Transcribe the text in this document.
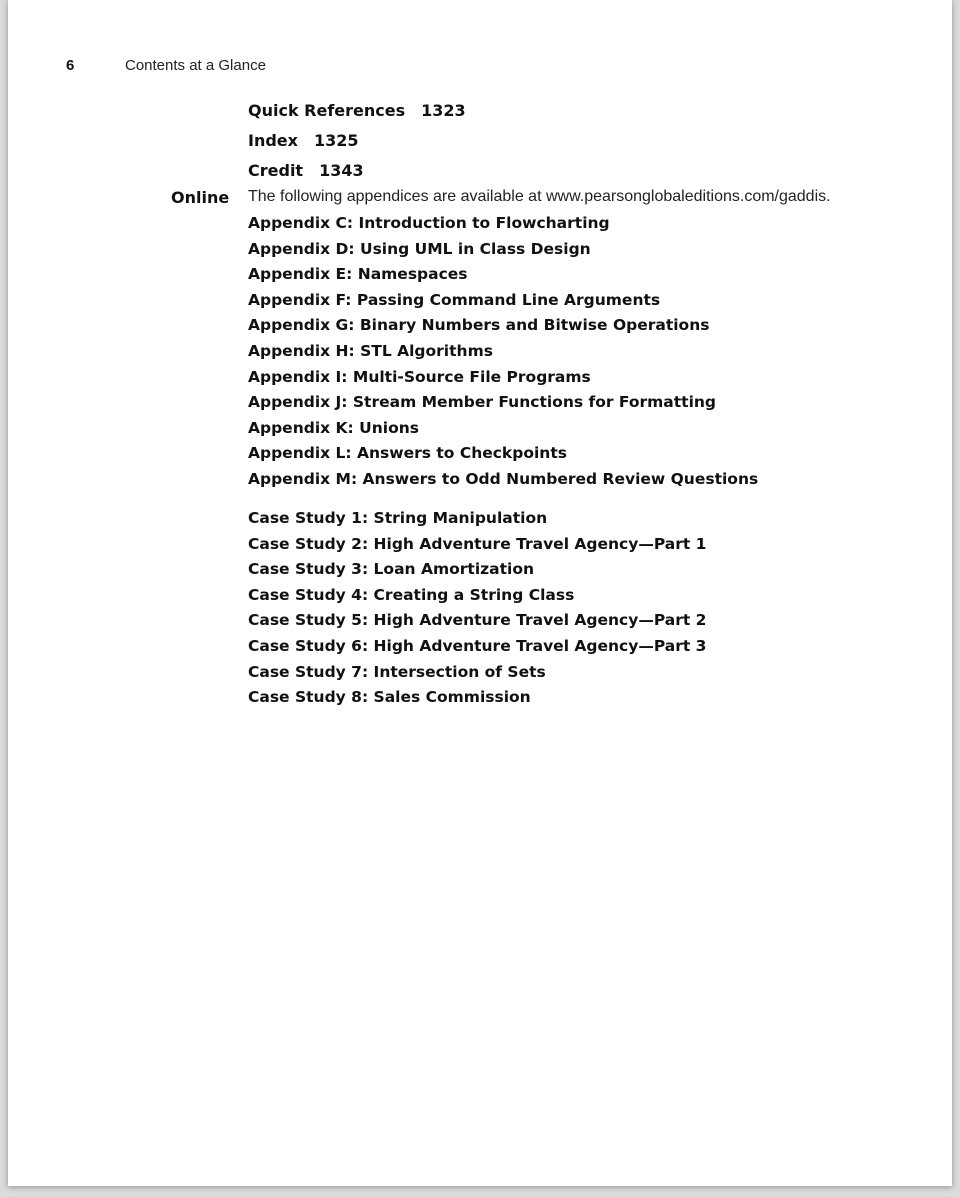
6	Contents at a Glance
Quick References 1323
Index 1325
Credit 1343
Online The following appendices are available at www.pearsonglobaleditions.com/gaddis.
Appendix C: Introduction to Flowcharting
Appendix D: Using UML in Class Design
Appendix E: Namespaces
Appendix F: Passing Command Line Arguments
Appendix G: Binary Numbers and Bitwise Operations
Appendix H: STL Algorithms
Appendix I: Multi-Source File Programs
Appendix J: Stream Member Functions for Formatting
Appendix K: Unions
Appendix L: Answers to Checkpoints
Appendix M: Answers to Odd Numbered Review Questions
Case Study 1: String Manipulation
Case Study 2: High Adventure Travel Agency—Part 1
Case Study 3: Loan Amortization
Case Study 4: Creating a String Class
Case Study 5: High Adventure Travel Agency—Part 2
Case Study 6: High Adventure Travel Agency—Part 3
Case Study 7: Intersection of Sets
Case Study 8: Sales Commission
